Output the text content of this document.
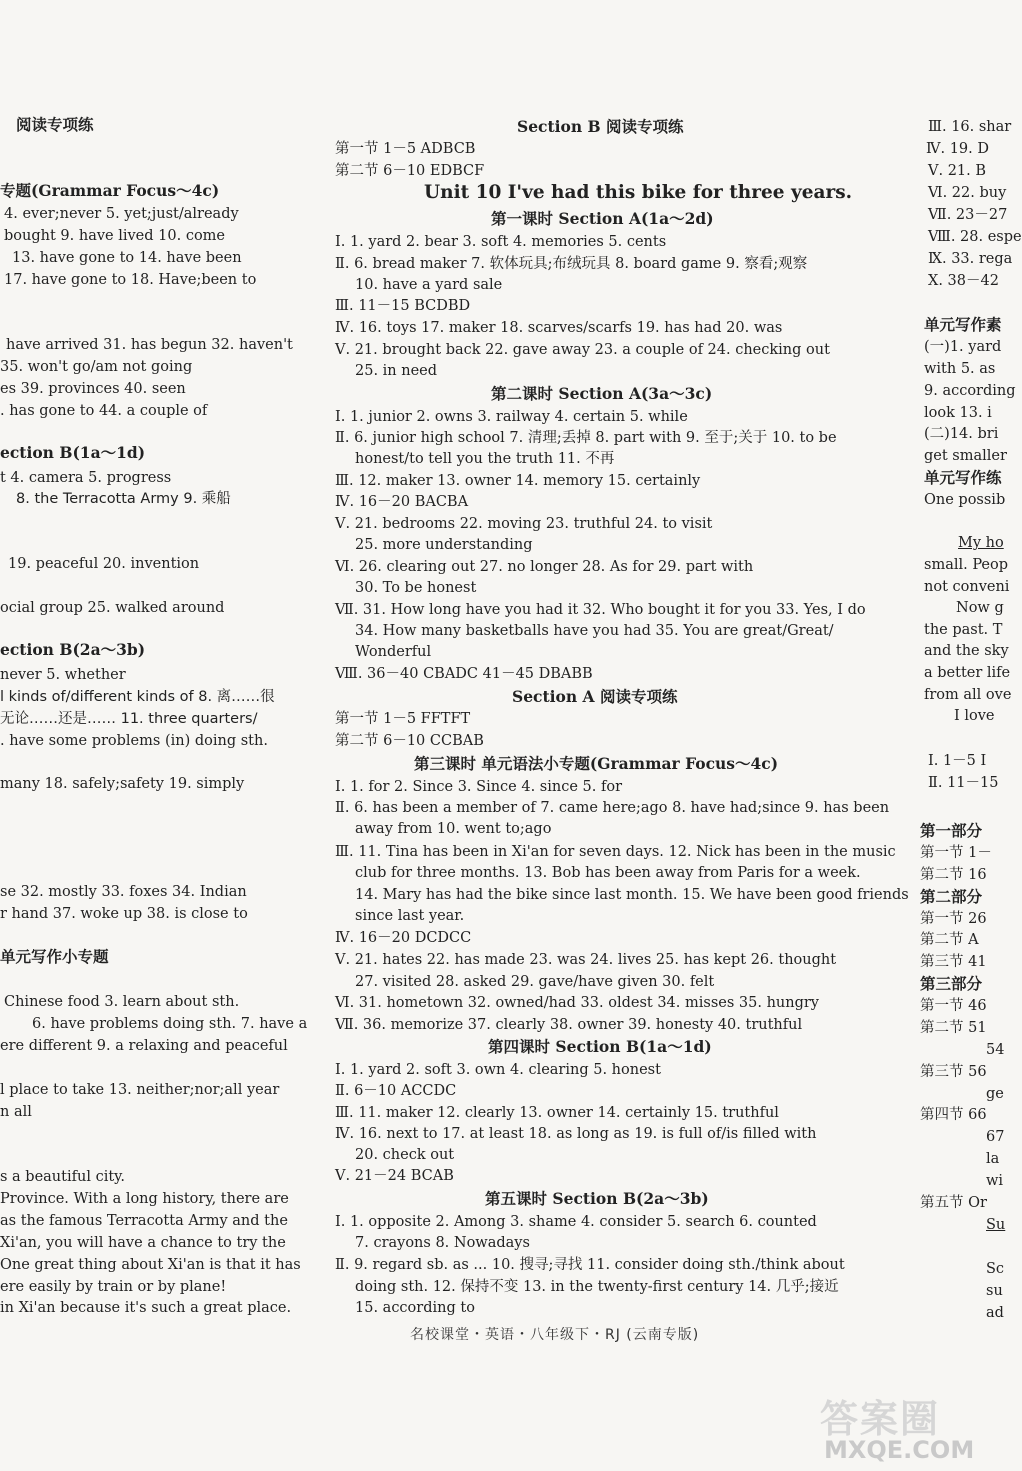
阅读专项练
专题(Grammar Focus～4c)
4. ever;never 5. yet;just/already
bought 9. have lived 10. come
13. have gone to 14. have been
17. have gone to 18. Have;been to
have arrived 31. has begun 32. haven't
35. won't go/am not going
es 39. provinces 40. seen
. has gone to 44. a couple of
ection B(1a～1d)
t 4. camera 5. progress
8. the Terracotta Army 9. 乘船
19. peaceful 20. invention
ocial group 25. walked around
ection B(2a～3b)
never 5. whether
l kinds of/different kinds of 8. 离……很
无论……还是…… 11. three quarters/
. have some problems (in) doing sth.
many 18. safely;safety 19. simply
se 32. mostly 33. foxes 34. Indian
r hand 37. woke up 38. is close to
单元写作小专题
Chinese food 3. learn about sth.
6. have problems doing sth. 7. have a
ere different 9. a relaxing and peaceful
l place to take 13. neither;nor;all year
n all
s a beautiful city.
Province. With a long history, there are
as the famous Terracotta Army and the
Xi'an, you will have a chance to try the
One great thing about Xi'an is that it has
ere easily by train or by plane!
in Xi'an because it's such a great place.
Section B 阅读专项练
第一节 1－5 ADBCB
第二节 6－10 EDBCF
Unit 10 I've had this bike for three years.
第一课时 Section A(1a～2d)
Ⅰ. 1. yard 2. bear 3. soft 4. memories 5. cents
Ⅱ. 6. bread maker 7. 软体玩具;布绒玩具 8. board game 9. 察看;观察
10. have a yard sale
Ⅲ. 11－15 BCDBD
Ⅳ. 16. toys 17. maker 18. scarves/scarfs 19. has had 20. was
Ⅴ. 21. brought back 22. gave away 23. a couple of 24. checking out
25. in need
第二课时 Section A(3a～3c)
Ⅰ. 1. junior 2. owns 3. railway 4. certain 5. while
Ⅱ. 6. junior high school 7. 清理;丢掉 8. part with 9. 至于;关于 10. to be
honest/to tell you the truth 11. 不再
Ⅲ. 12. maker 13. owner 14. memory 15. certainly
Ⅳ. 16－20 BACBA
Ⅴ. 21. bedrooms 22. moving 23. truthful 24. to visit
25. more understanding
Ⅵ. 26. clearing out 27. no longer 28. As for 29. part with
30. To be honest
Ⅶ. 31. How long have you had it 32. Who bought it for you 33. Yes, I do
34. How many basketballs have you had 35. You are great/Great/
Wonderful
Ⅷ. 36－40 CBADC 41－45 DBABB
Section A 阅读专项练
第一节 1－5 FFTFT
第二节 6－10 CCBAB
第三课时 单元语法小专题(Grammar Focus～4c)
Ⅰ. 1. for 2. Since 3. Since 4. since 5. for
Ⅱ. 6. has been a member of 7. came here;ago 8. have had;since 9. has been
away from 10. went to;ago
Ⅲ. 11. Tina has been in Xi'an for seven days. 12. Nick has been in the music
club for three months. 13. Bob has been away from Paris for a week.
14. Mary has had the bike since last month. 15. We have been good friends
since last year.
Ⅳ. 16－20 DCDCC
Ⅴ. 21. hates 22. has made 23. was 24. lives 25. has kept 26. thought
27. visited 28. asked 29. gave/have given 30. felt
Ⅵ. 31. hometown 32. owned/had 33. oldest 34. misses 35. hungry
Ⅶ. 36. memorize 37. clearly 38. owner 39. honesty 40. truthful
第四课时 Section B(1a～1d)
Ⅰ. 1. yard 2. soft 3. own 4. clearing 5. honest
Ⅱ. 6－10 ACCDC
Ⅲ. 11. maker 12. clearly 13. owner 14. certainly 15. truthful
Ⅳ. 16. next to 17. at least 18. as long as 19. is full of/is filled with
20. check out
Ⅴ. 21－24 BCAB
第五课时 Section B(2a～3b)
Ⅰ. 1. opposite 2. Among 3. shame 4. consider 5. search 6. counted
7. crayons 8. Nowadays
Ⅱ. 9. regard sb. as ... 10. 搜寻;寻找 11. consider doing sth./think about
doing sth. 12. 保持不变 13. in the twenty-first century 14. 几乎;接近
15. according to
Ⅲ. 16. shar
Ⅳ. 19. D
Ⅴ. 21. B
Ⅵ. 22. buy
Ⅶ. 23－27
Ⅷ. 28. espe
Ⅸ. 33. rega
Ⅹ. 38－42
单元写作素
(一)1. yard
with 5. as
9. according
look 13. i
(二)14. bri
get smaller
单元写作练
One possib
My ho
small. Peop
not conveni
Now g
the past. T
and the sky
a better life
from all ove
I love
Ⅰ. 1－5 I
Ⅱ. 11－15
第一部分
第一节 1－
第二节 16
第二部分
第一节 26
第二节 A
第三节 41
第三部分
第一节 46
第二节 51
54
第三节 56
ge
第四节 66
67
la
wi
第五节 Or
Su
Sc
su
ad
名校课堂・英语・八年级下・RJ (云南专版)
答案圈
MXQE.COM
